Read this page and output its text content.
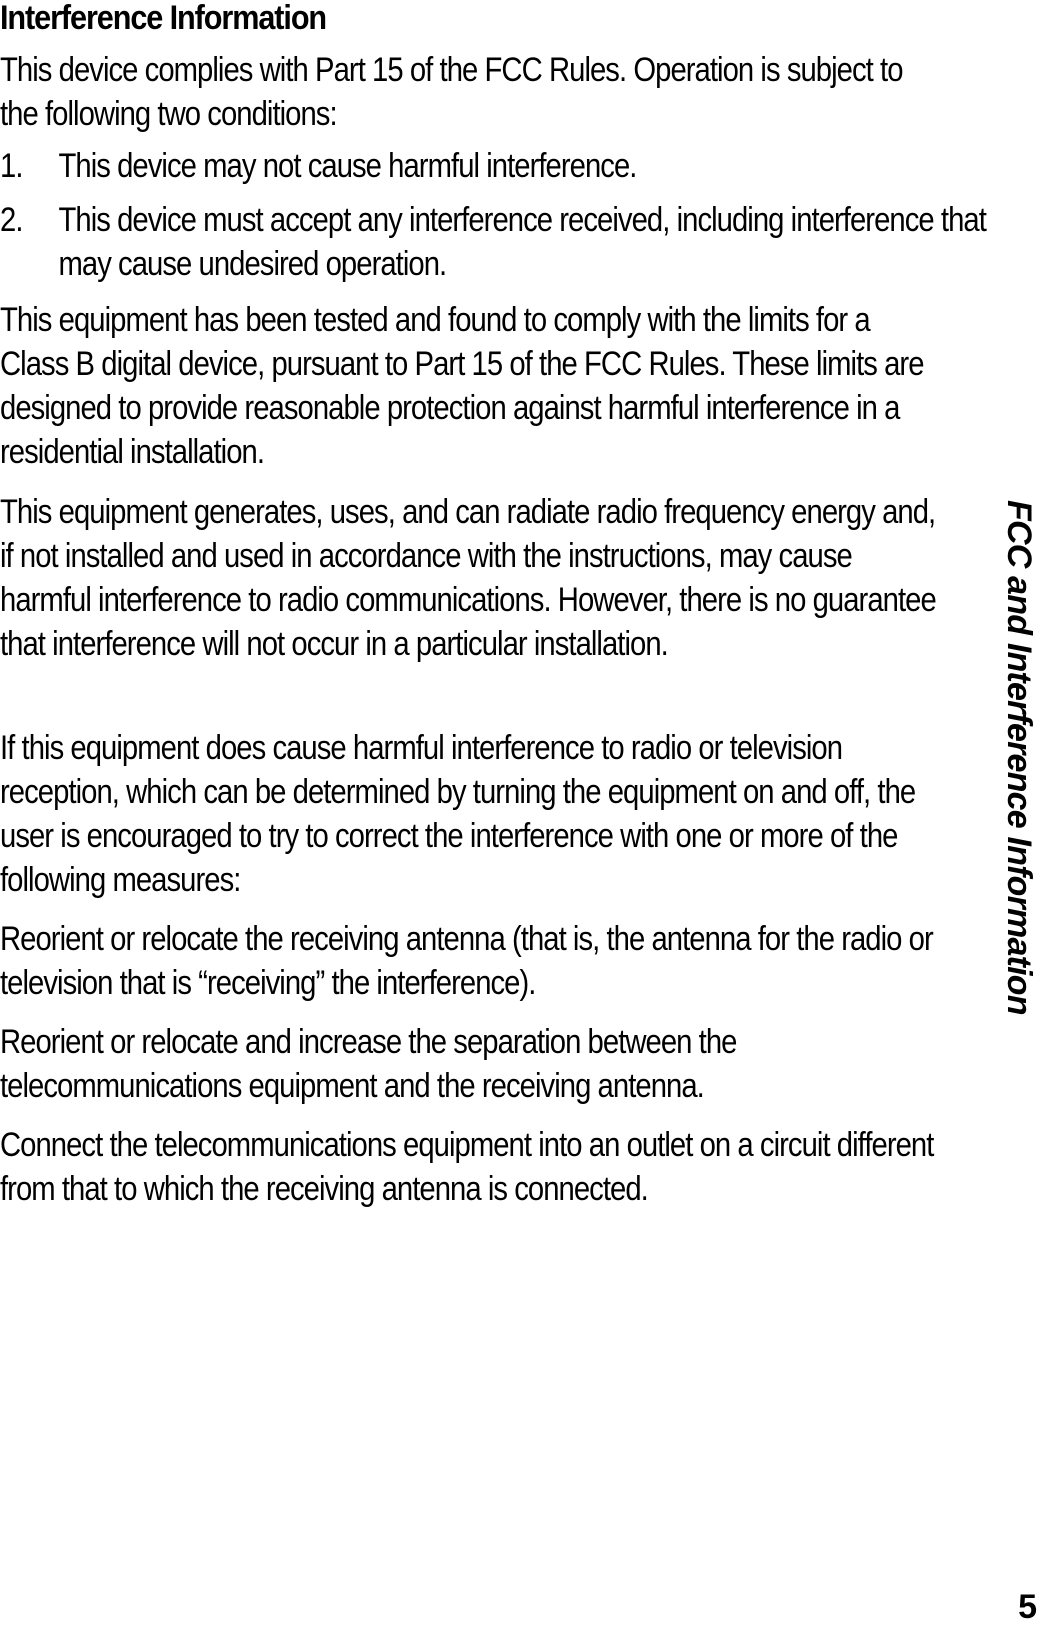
Interference Information

This device complies with Part 15 of the FCC Rules. Operation is subject to the following two conditions:

1. This device may not cause harmful interference.
2. This device must accept any interference received, including interference that may cause undesired operation.

This equipment has been tested and found to comply with the limits for a Class B digital device, pursuant to Part 15 of the FCC Rules. These limits are designed to provide reasonable protection against harmful interference in a residential installation.

This equipment generates, uses, and can radiate radio frequency energy and, if not installed and used in accordance with the instructions, may cause harmful interference to radio communications. However, there is no guarantee that interference will not occur in a particular installation.

If this equipment does cause harmful interference to radio or television reception, which can be determined by turning the equipment on and off, the user is encouraged to try to correct the interference with one or more of the following measures:

Reorient or relocate the receiving antenna (that is, the antenna for the radio or television that is “receiving” the interference).

Reorient or relocate and increase the separation between the telecommunications equipment and the receiving antenna.

Connect the telecommunications equipment into an outlet on a circuit different from that to which the receiving antenna is connected.

FCC and Interference Information
5
